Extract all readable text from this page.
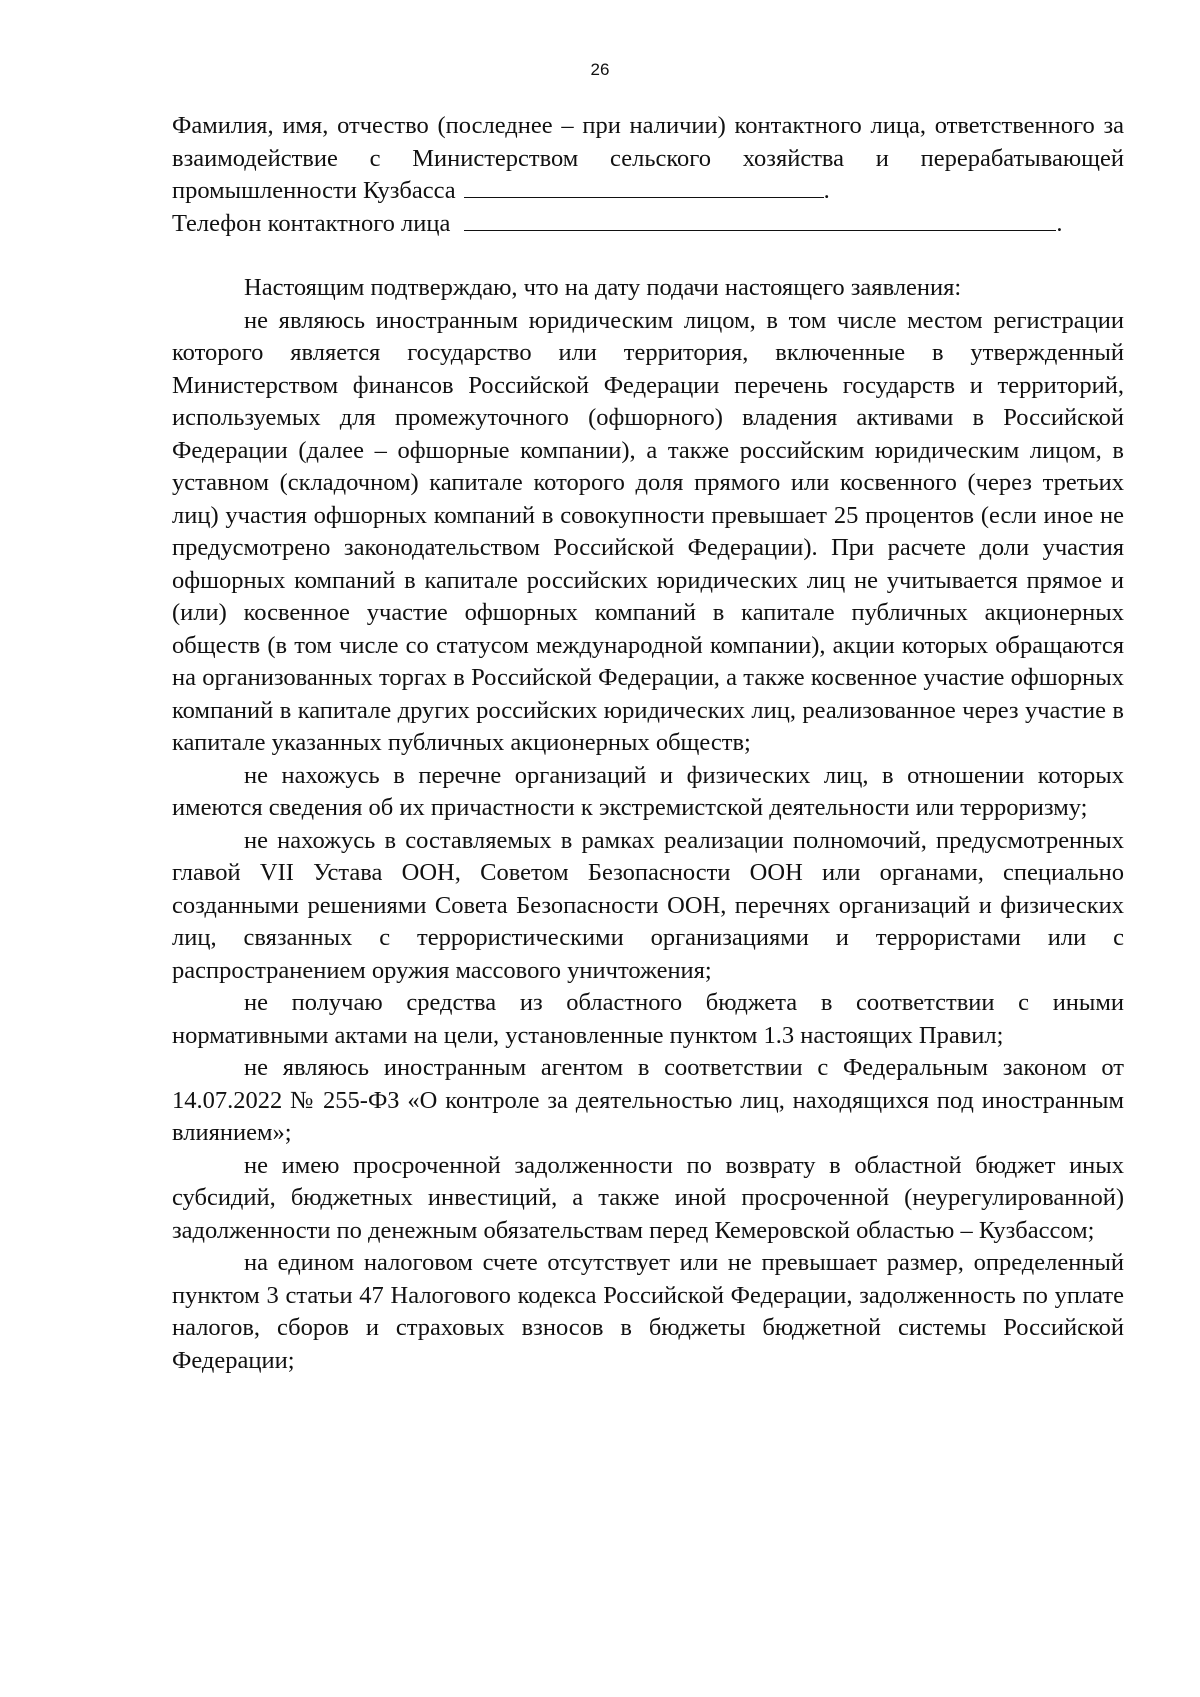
26

Фамилия, имя, отчество (последнее – при наличии) контактного лица, ответственного за взаимодействие с Министерством сельского хозяйства и перерабатывающей промышленности Кузбасса	.

Телефон контактного лица	.

Настоящим подтверждаю, что на дату подачи настоящего заявления:

не являюсь иностранным юридическим лицом, в том числе местом регистрации которого является государство или территория, включенные в утвержденный Министерством финансов Российской Федерации перечень государств и территорий, используемых для промежуточного (офшорного) владения активами в Российской Федерации (далее – офшорные компании), а также российским юридическим лицом, в уставном (складочном) капитале которого доля прямого или косвенного (через третьих лиц) участия офшорных компаний в совокупности превышает 25 процентов (если иное не предусмотрено законодательством Российской Федерации). При расчете доли участия офшорных компаний в капитале российских юридических лиц не учитывается прямое и (или) косвенное участие офшорных компаний в капитале публичных акционерных обществ (в том числе со статусом международной компании), акции которых обращаются на организованных торгах в Российской Федерации, а также косвенное участие офшорных компаний в капитале других российских юридических лиц, реализованное через участие в капитале указанных публичных акционерных обществ;

не нахожусь в перечне организаций и физических лиц, в отношении которых имеются сведения об их причастности к экстремистской деятельности или терроризму;

не нахожусь в составляемых в рамках реализации полномочий, предусмотренных главой VII Устава ООН, Советом Безопасности ООН или органами, специально созданными решениями Совета Безопасности ООН, перечнях организаций и физических лиц, связанных с террористическими организациями и террористами или с распространением оружия массового уничтожения;

не получаю средства из областного бюджета в соответствии с иными нормативными актами на цели, установленные пунктом 1.3 настоящих Правил;

не являюсь иностранным агентом в соответствии с Федеральным законом от 14.07.2022 № 255-ФЗ «О контроле за деятельностью лиц, находящихся под иностранным влиянием»;

не имею просроченной задолженности по возврату в областной бюджет иных субсидий, бюджетных инвестиций, а также иной просроченной (неурегулированной) задолженности по денежным обязательствам перед Кемеровской областью – Кузбассом;

на едином налоговом счете отсутствует или не превышает размер, определенный пунктом 3 статьи 47 Налогового кодекса Российской Федерации, задолженность по уплате налогов, сборов и страховых взносов в бюджеты бюджетной системы Российской Федерации;
